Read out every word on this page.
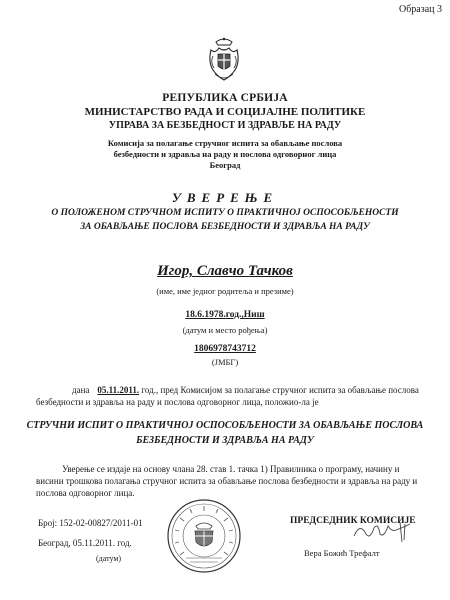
Образац 3
РЕПУБЛИКА СРБИЈА
МИНИСТАРСТВО РАДА И СОЦИЈАЛНЕ ПОЛИТИКЕ
УПРАВА ЗА БЕЗБЕДНОСТ И ЗДРАВЉЕ НА РАДУ
Комисија за полагање стручног испита за обављање послова
безбедности и здравља на раду и послова одговорног лица
Београд
УВЕРЕЊЕ
О ПОЛОЖЕНОМ СТРУЧНОМ ИСПИТУ О ПРАКТИЧНОЈ ОСПОСОБЉЕНОСТИ
ЗА ОБАВЉАЊЕ ПОСЛОВА БЕЗБЕДНОСТИ И ЗДРАВЉА НА РАДУ
Игор, Славчо Тачков
(име, име једног родитеља и презиме)
18.6.1978.год.,Ниш
(датум и место рођења)
1806978743712
(ЈМБГ)
дана 05.11.2011. год., пред Комисијом за полагање стручног испита за обављање послова безбедности и здравља на раду и послова одговорног лица, положио-ла је
СТРУЧНИ ИСПИТ О ПРАКТИЧНОЈ ОСПОСОБЉЕНОСТИ ЗА ОБАВЉАЊЕ ПОСЛОВА
БЕЗБЕДНОСТИ И ЗДРАВЉА НА РАДУ
Уверење се издаје на основу члана 28. став 1. тачка 1) Правилника о програму, начину и висини трошкова полагања стручног испита за обављање послова безбедности и здравља на раду и послова одговорног лица.
Број: 152-02-00827/2011-01
Београд, 05.11.2011. год.
(датум)
ПРЕДСЕДНИК КОМИСИЈЕ
Вера Божић Трефалт
